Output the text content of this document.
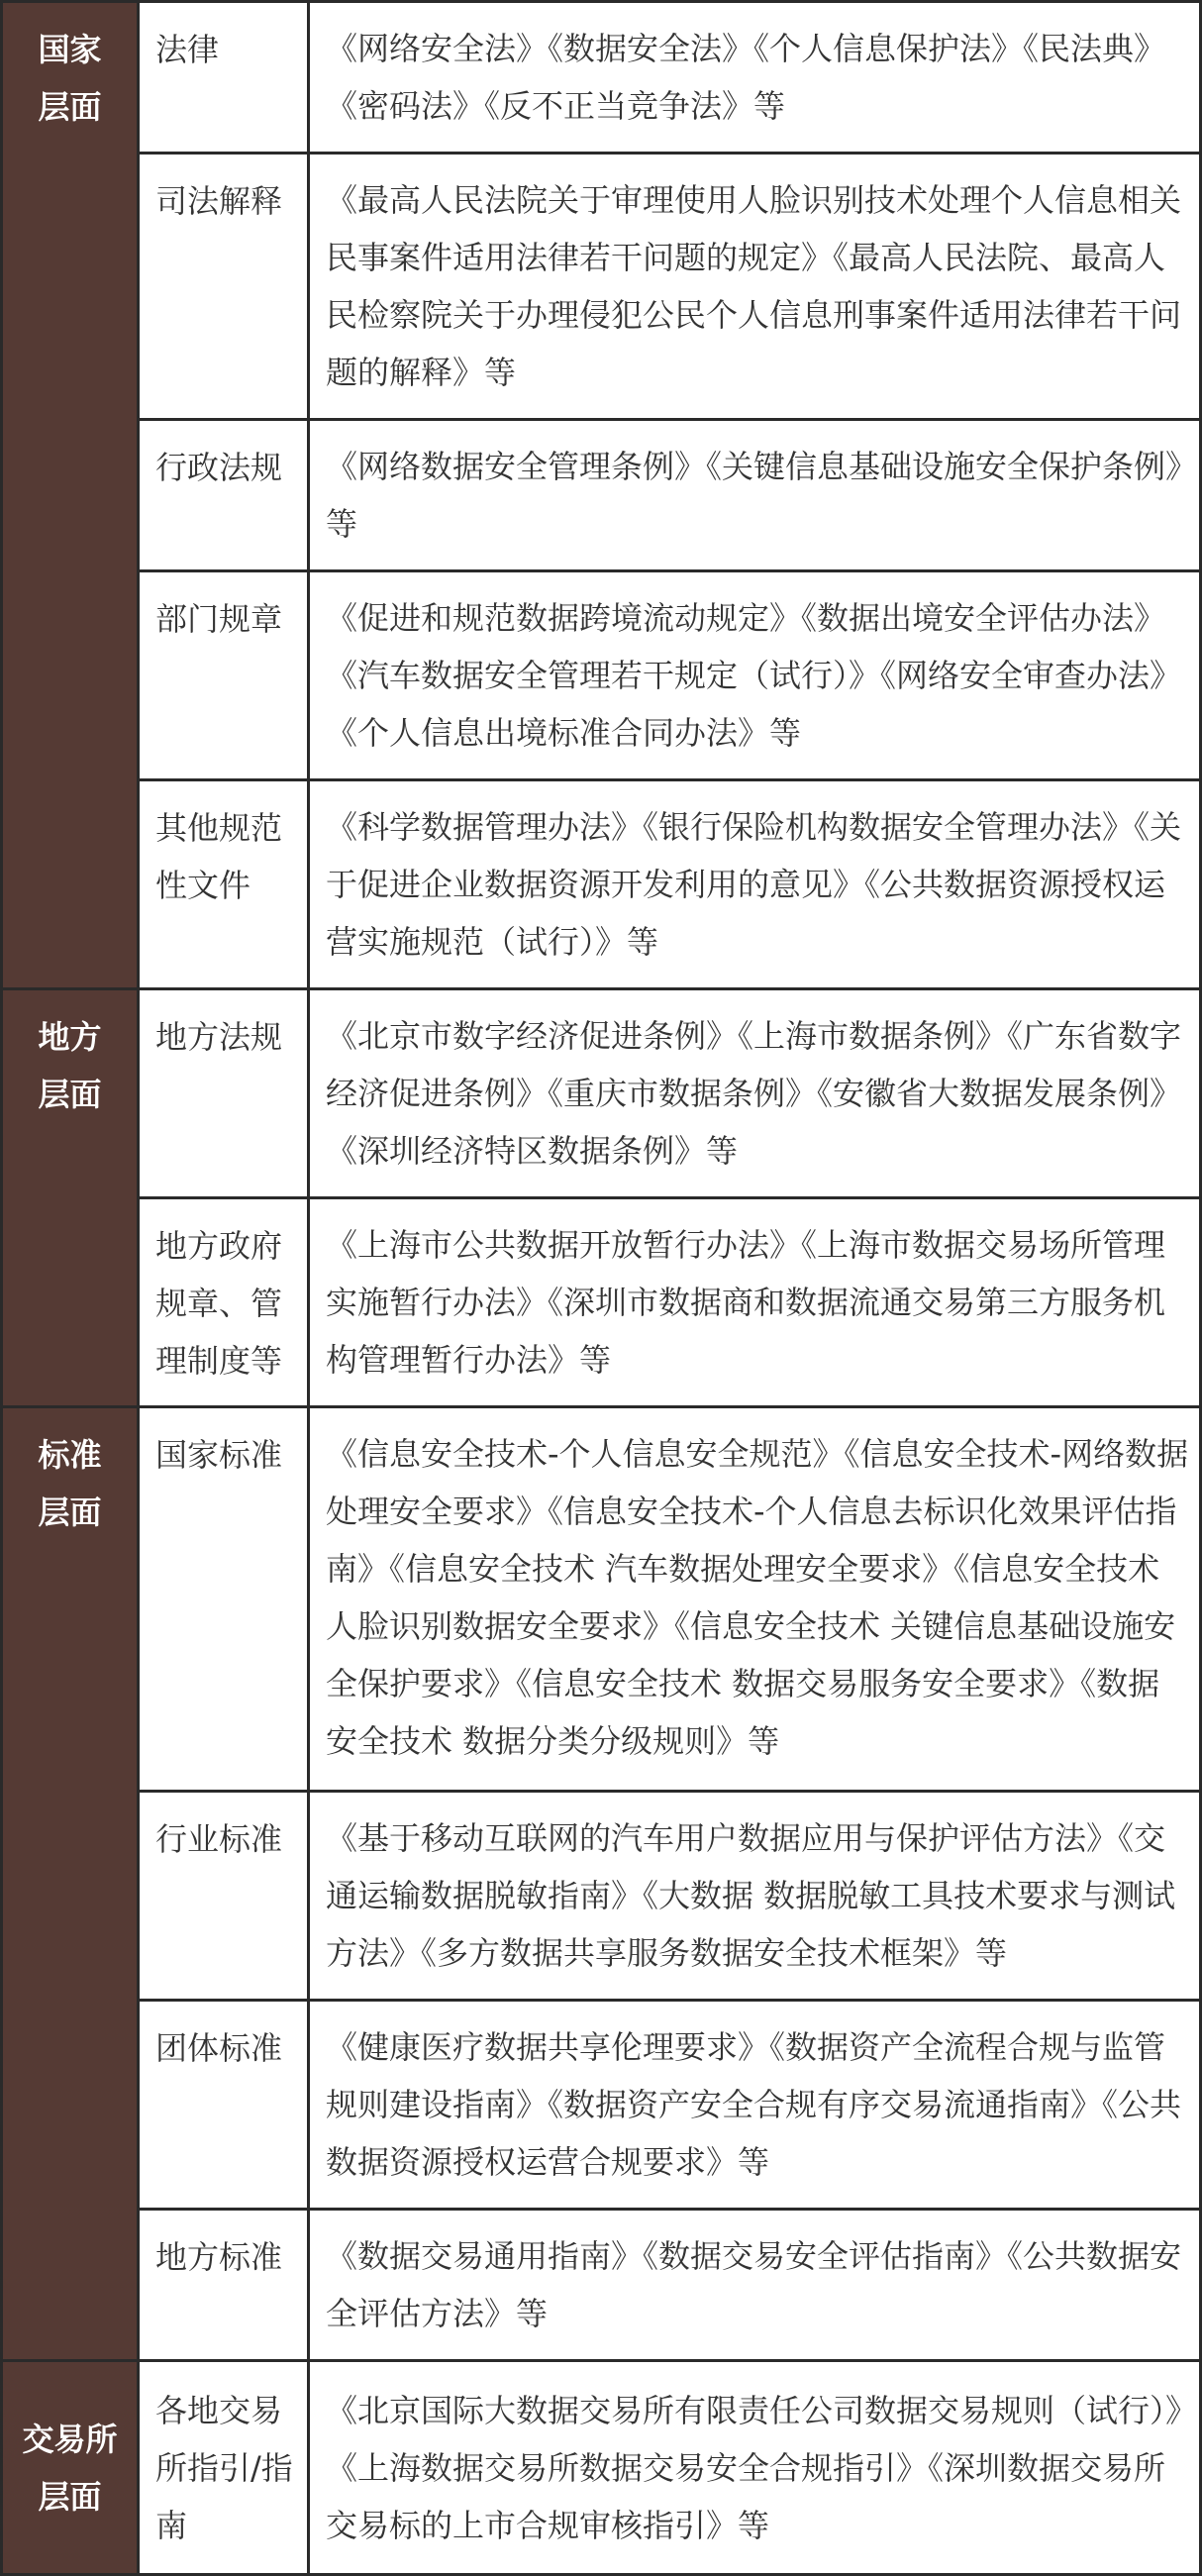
国家层面	法律	《网络安全法》《数据安全法》《个人信息保护法》《民法典》《密码法》《反不正当竞争法》等
	司法解释	《最高人民法院关于审理使用人脸识别技术处理个人信息相关民事案件适用法律若干问题的规定》《最高人民法院、最高人民检察院关于办理侵犯公民个人信息刑事案件适用法律若干问题的解释》等
	行政法规	《网络数据安全管理条例》《关键信息基础设施安全保护条例》等
	部门规章	《促进和规范数据跨境流动规定》《数据出境安全评估办法》《汽车数据安全管理若干规定（试行）》《网络安全审查办法》《个人信息出境标准合同办法》等
	其他规范性文件	《科学数据管理办法》《银行保险机构数据安全管理办法》《关于促进企业数据资源开发利用的意见》《公共数据资源授权运营实施规范（试行）》等
地方层面	地方法规	《北京市数字经济促进条例》《上海市数据条例》《广东省数字经济促进条例》《重庆市数据条例》《安徽省大数据发展条例》《深圳经济特区数据条例》等
	地方政府规章、管理制度等	《上海市公共数据开放暂行办法》《上海市数据交易场所管理实施暂行办法》《深圳市数据商和数据流通交易第三方服务机构管理暂行办法》等
标准层面	国家标准	《信息安全技术-个人信息安全规范》《信息安全技术-网络数据处理安全要求》《信息安全技术-个人信息去标识化效果评估指南》《信息安全技术 汽车数据处理安全要求》《信息安全技术 人脸识别数据安全要求》《信息安全技术 关键信息基础设施安全保护要求》《信息安全技术 数据交易服务安全要求》《数据安全技术 数据分类分级规则》等
	行业标准	《基于移动互联网的汽车用户数据应用与保护评估方法》《交通运输数据脱敏指南》《大数据 数据脱敏工具技术要求与测试方法》《多方数据共享服务数据安全技术框架》等
	团体标准	《健康医疗数据共享伦理要求》《数据资产全流程合规与监管规则建设指南》《数据资产安全合规有序交易流通指南》《公共数据资源授权运营合规要求》等
	地方标准	《数据交易通用指南》《数据交易安全评估指南》《公共数据安全评估方法》等
交易所层面	各地交易所指引/指南	《北京国际大数据交易所有限责任公司数据交易规则（试行）》《上海数据交易所数据交易安全合规指引》《深圳数据交易所交易标的上市合规审核指引》等
